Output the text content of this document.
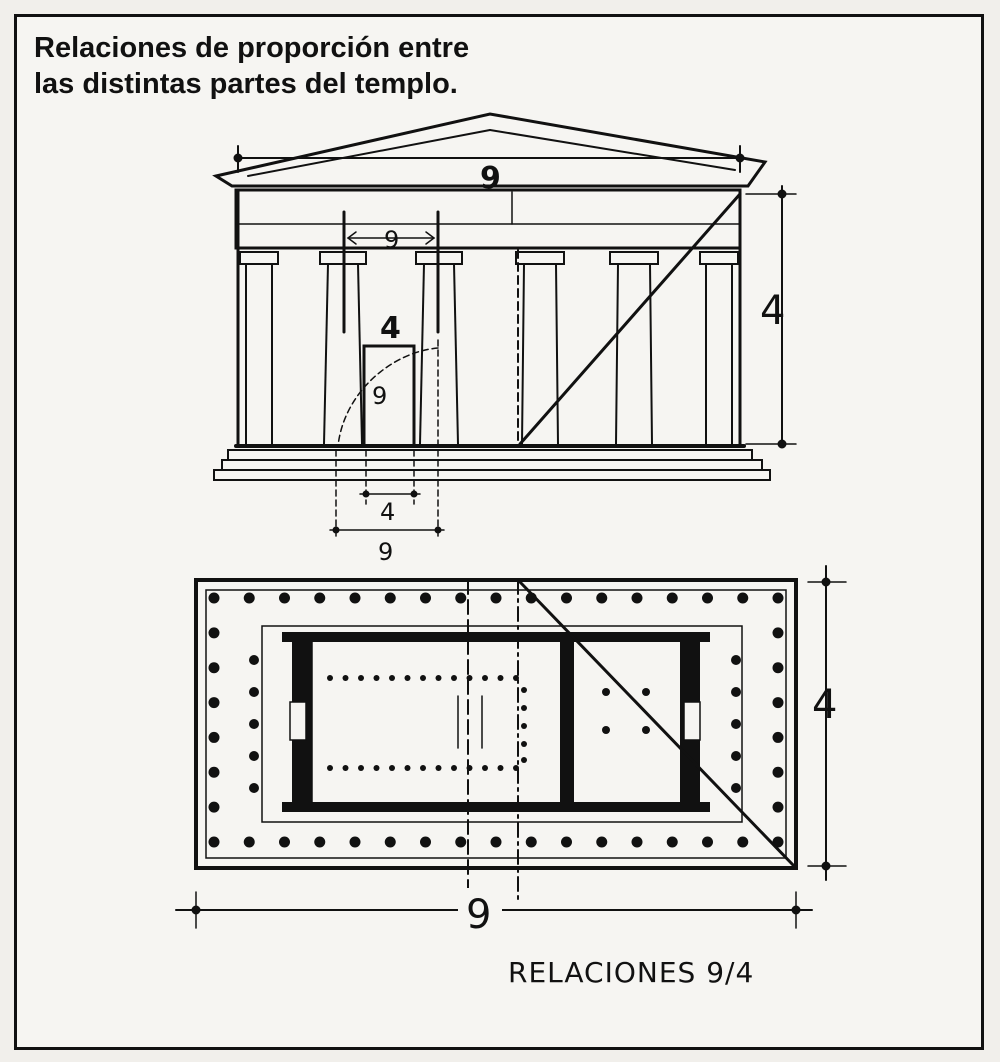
Relaciones de proporción entre
las distintas partes del templo.
9
4
9
9
4
4
9
4
9
RELACIONES 9/4
